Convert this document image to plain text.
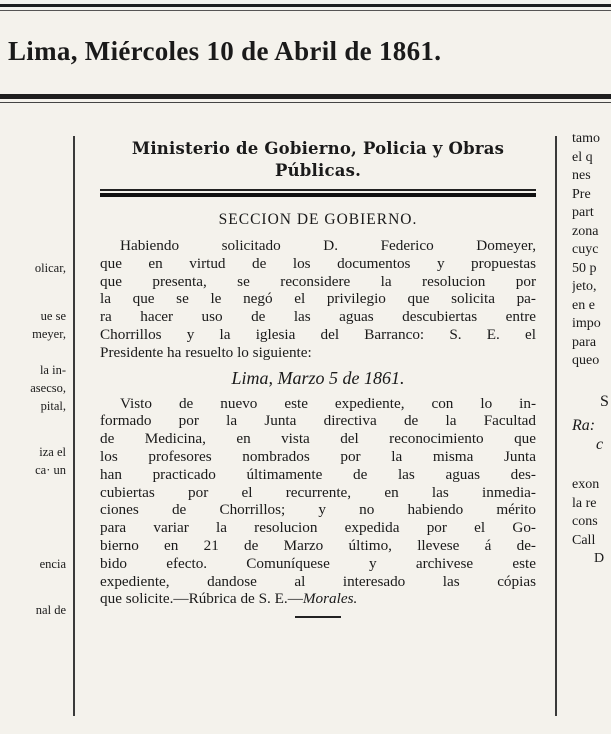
Lima, Miércoles 10 de Abril de 1861.
olicar,
ue se
meyer,
la in-
asecso,
pital,
iza el
ca· un
encia
nal de
Ministerio de Gobierno, Policia y Obras
Públicas.
SECCION DE GOBIERNO.
Habiendo solicitado D. Federico Domeyer,
que en virtud de los documentos y propuestas
que presenta, se reconsidere la resolucion por
la que se le negó el privilegio que solicita pa-
ra hacer uso de las aguas descubiertas entre
Chorrillos y la iglesia del Barranco: S. E. el
Presidente ha resuelto lo siguiente:
Lima, Marzo 5 de 1861.
Visto de nuevo este expediente, con lo in-
formado por la Junta directiva de la Facultad
de Medicina, en vista del reconocimiento que
los profesores nombrados por la misma Junta
han practicado últimamente de las aguas des-
cubiertas por el recurrente, en las inmedia-
ciones de Chorrillos; y no habiendo mérito
para variar la resolucion expedida por el Go-
bierno en 21 de Marzo último, llevese á de-
bido efecto. Comuníquese y archivese este
expediente, dandose al interesado las cópias
que solicite.—Rúbrica de S. E.—Morales.
tamo
el q
nes
Pre
part
zona
cuyc
50 p
jeto,
en e
impo
para
queo
S
Ra:
c
exon
la re
cons
Call
D
